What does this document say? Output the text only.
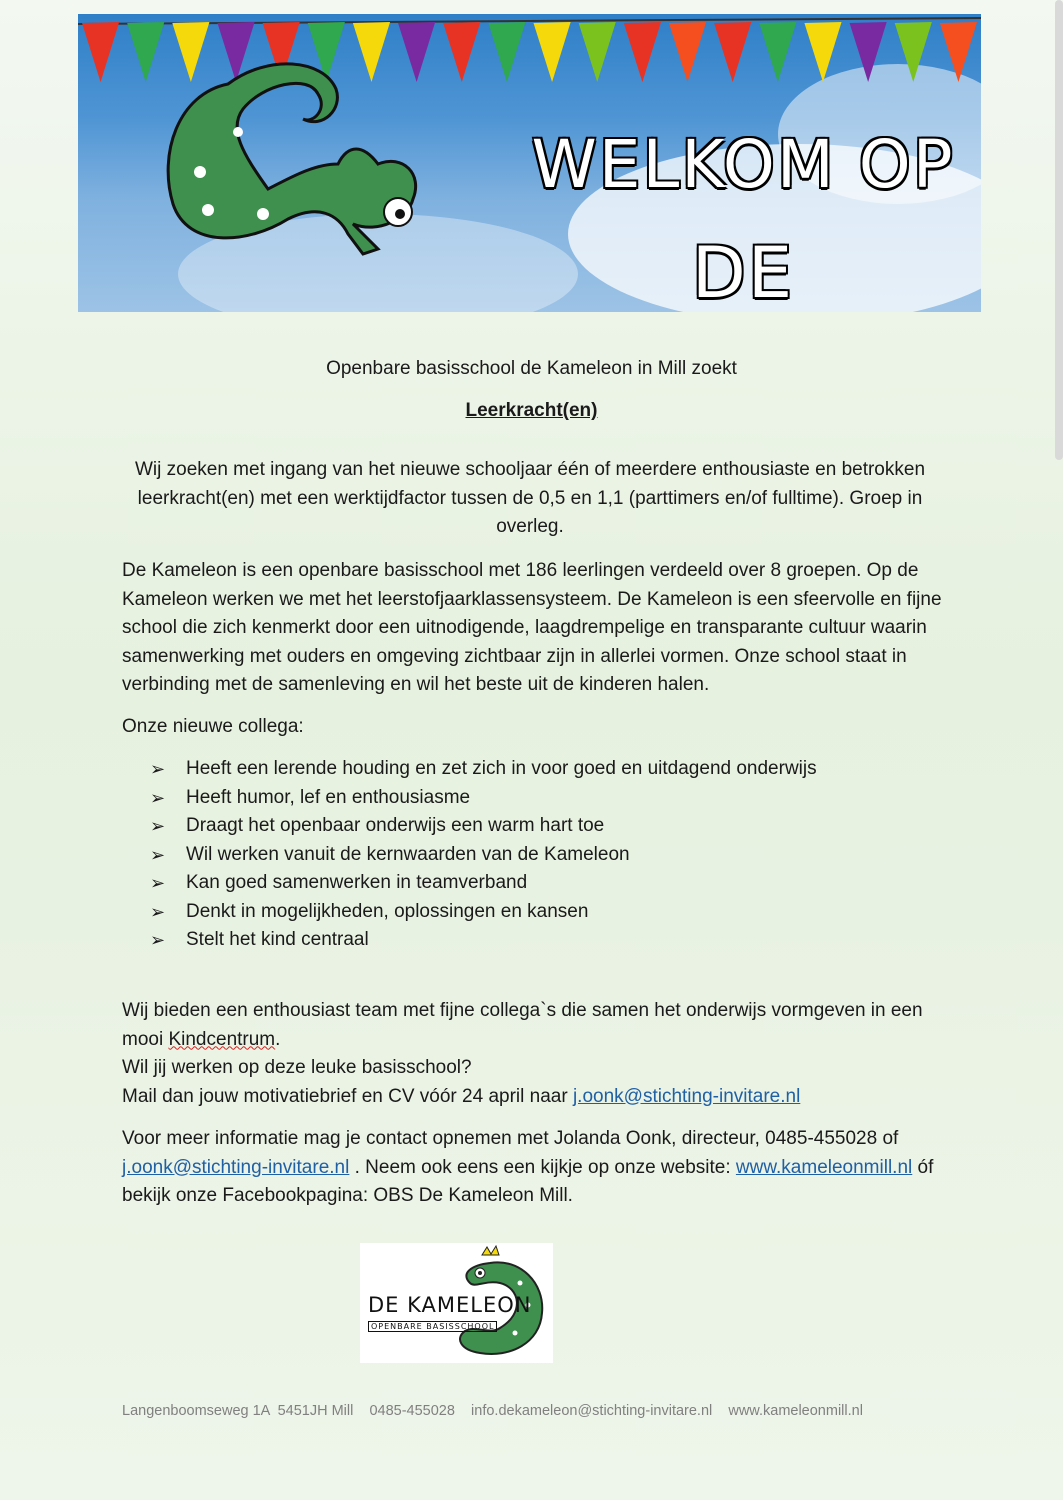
WELKOM OP
DE
Openbare basisschool de Kameleon in Mill zoekt
Leerkracht(en)
Wij zoeken met ingang van het nieuwe schooljaar één of meerdere enthousiaste en betrokken leerkracht(en) met een werktijdfactor tussen de 0,5 en 1,1 (parttimers en/of fulltime). Groep in overleg.
De Kameleon is een openbare basisschool met 186 leerlingen verdeeld over 8 groepen. Op de Kameleon werken we met het leerstofjaarklassensysteem. De Kameleon is een sfeervolle en fijne school die zich kenmerkt door een uitnodigende, laagdrempelige en transparante cultuur waarin samenwerking met ouders en omgeving zichtbaar zijn in allerlei vormen. Onze school staat in verbinding met de samenleving en wil het beste uit de kinderen halen.
Onze nieuwe collega:
➢	Heeft een lerende houding en zet zich in voor goed en uitdagend onderwijs
➢	Heeft humor, lef en enthousiasme
➢	Draagt het openbaar onderwijs een warm hart toe
➢	Wil werken vanuit de kernwaarden van de Kameleon
➢	Kan goed samenwerken in teamverband
➢	Denkt in mogelijkheden, oplossingen en kansen
➢	Stelt het kind centraal
Wij bieden een enthousiast team met fijne collega`s die samen het onderwijs vormgeven in een mooi Kindcentrum.
Wil jij werken op deze leuke basisschool?
Mail dan jouw motivatiebrief en CV vóór 24 april naar j.oonk@stichting-invitare.nl
Voor meer informatie mag je contact opnemen met Jolanda Oonk, directeur, 0485-455028 of j.oonk@stichting-invitare.nl . Neem ook eens een kijkje op onze website: www.kameleonmill.nl óf bekijk onze Facebookpagina: OBS De Kameleon Mill.
DE KAMELEON
OPENBARE BASISSCHOOL
Langenboomseweg 1A  5451JH Mill    0485-455028    info.dekameleon@stichting-invitare.nl    www.kameleonmill.nl
